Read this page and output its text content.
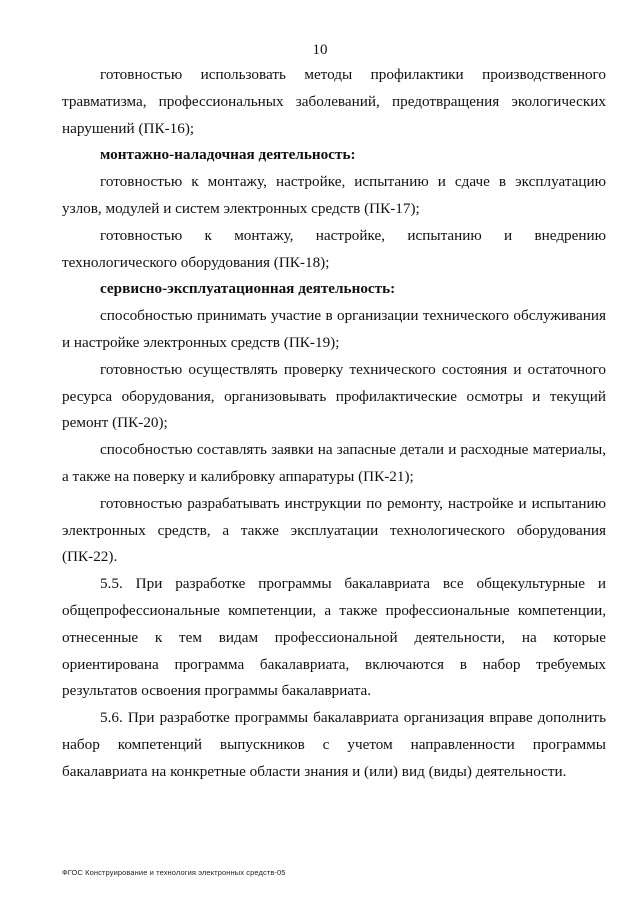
10

готовностью использовать методы профилактики производственного травматизма, профессиональных заболеваний, предотвращения экологических нарушений (ПК-16);

монтажно-наладочная деятельность:

готовностью к монтажу, настройке, испытанию и сдаче в эксплуатацию узлов, модулей и систем электронных средств (ПК-17);

готовностью к монтажу, настройке, испытанию и внедрению технологического оборудования (ПК-18);

сервисно-эксплуатационная деятельность:

способностью принимать участие в организации технического обслуживания и настройке электронных средств (ПК-19);

готовностью осуществлять проверку технического состояния и остаточного ресурса оборудования, организовывать профилактические осмотры и текущий ремонт (ПК-20);

способностью составлять заявки на запасные детали и расходные материалы, а также на поверку и калибровку аппаратуры (ПК-21);

готовностью разрабатывать инструкции по ремонту, настройке и испытанию электронных средств, а также эксплуатации технологического оборудования (ПК-22).

5.5. При разработке программы бакалавриата все общекультурные и общепрофессиональные компетенции, а также профессиональные компетенции, отнесенные к тем видам профессиональной деятельности, на которые ориентирована программа бакалавриата, включаются в набор требуемых результатов освоения программы бакалавриата.

5.6. При разработке программы бакалавриата организация вправе дополнить набор компетенций выпускников с учетом направленности программы бакалавриата на конкретные области знания и (или) вид (виды) деятельности.

ФГОС Конструирование и технология электронных средств-05
